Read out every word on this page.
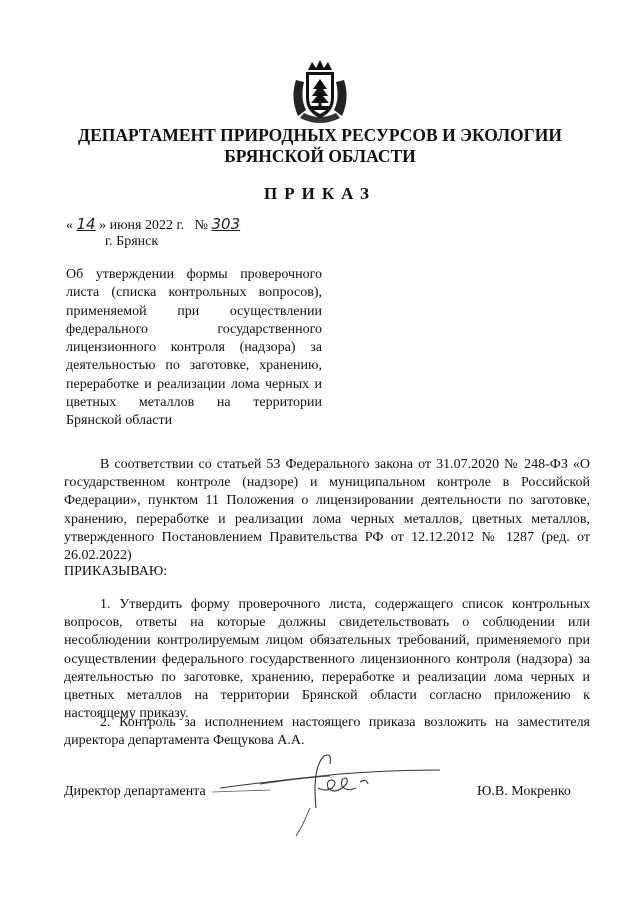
ДЕПАРТАМЕНТ ПРИРОДНЫХ РЕСУРСОВ И ЭКОЛОГИИ
БРЯНСКОЙ ОБЛАСТИ
ПРИКАЗ
« 14 » июня 2022 г. № 303
г. Брянск
Об утверждении формы проверочного листа (списка контрольных вопросов), применяемой при осуществлении федерального государственного лицензионного контроля (надзора) за деятельностью по заготовке, хранению, переработке и реализации лома черных и цветных металлов на территории Брянской области
В соответствии со статьей 53 Федерального закона от 31.07.2020 № 248-ФЗ «О государственном контроле (надзоре) и муниципальном контроле в Российской Федерации», пунктом 11 Положения о лицензировании деятельности по заготовке, хранению, переработке и реализации лома черных металлов, цветных металлов, утвержденного Постановлением Правительства РФ от 12.12.2012 № 1287 (ред. от 26.02.2022)
ПРИКАЗЫВАЮ:
1. Утвердить форму проверочного листа, содержащего список контрольных вопросов, ответы на которые должны свидетельствовать о соблюдении или несоблюдении контролируемым лицом обязательных требований, применяемого при осуществлении федерального государственного лицензионного контроля (надзора) за деятельностью по заготовке, хранению, переработке и реализации лома черных и цветных металлов на территории Брянской области согласно приложению к настоящему приказу.
2. Контроль за исполнением настоящего приказа возложить на заместителя директора департамента Фещукова А.А.
Директор департамента	Ю.В. Мокренко
